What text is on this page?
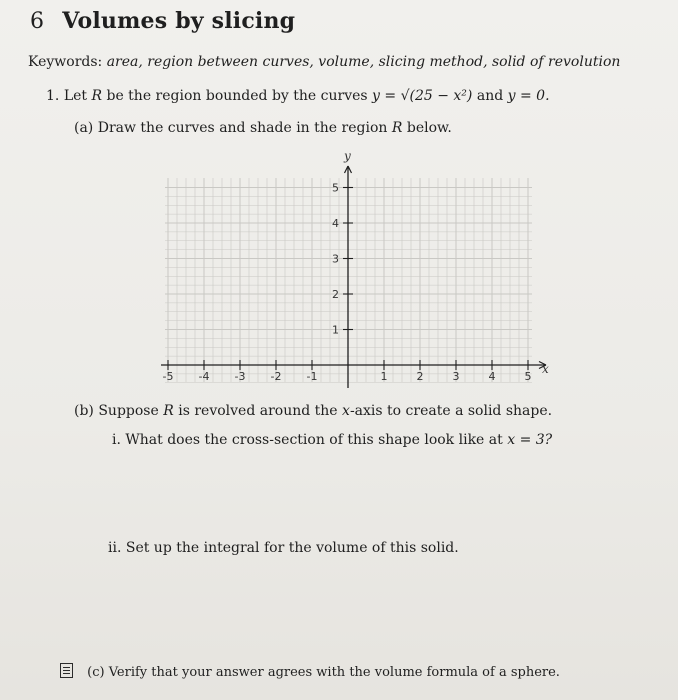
6 Volumes by slicing
Keywords: area, region between curves, volume, slicing method, solid of revolution
1. Let R be the region bounded by the curves y = √(25 − x²) and y = 0.
(a) Draw the curves and shade in the region R below.
-5 -4 -3 -2 -1	1	2	3	4	5
1
2
3
4
5
x
y
(b) Suppose R is revolved around the x-axis to create a solid shape.
i. What does the cross-section of this shape look like at x = 3?
ii. Set up the integral for the volume of this solid.
(c) Verify that your answer agrees with the volume formula of a sphere.
